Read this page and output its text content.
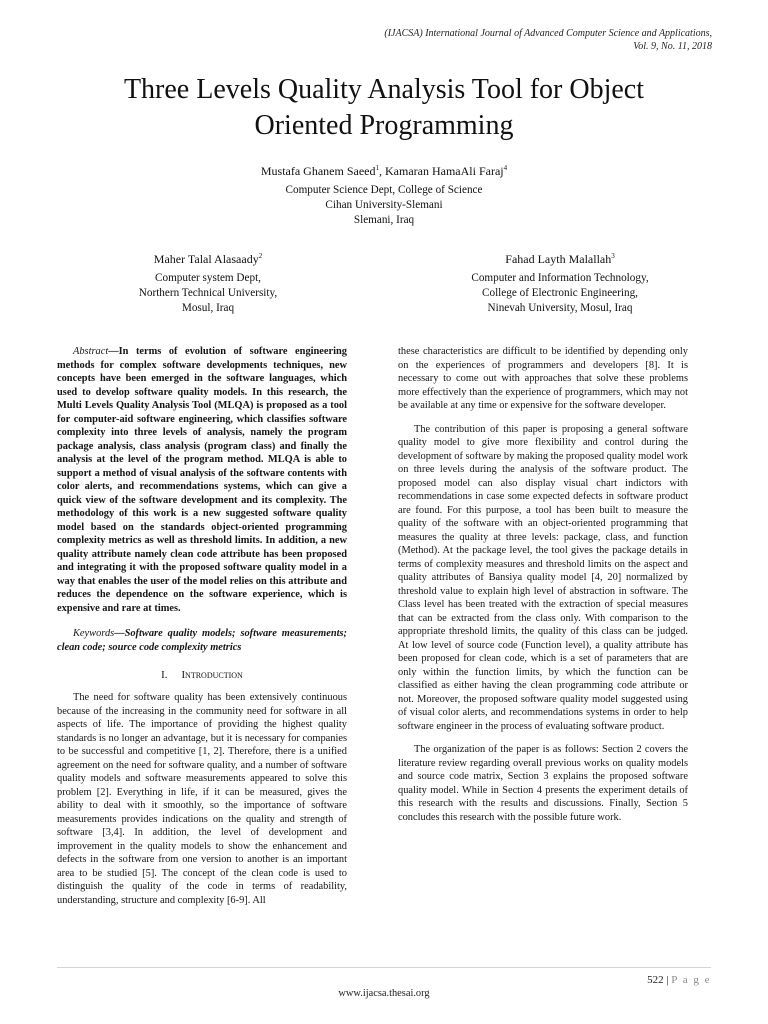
(IJACSA) International Journal of Advanced Computer Science and Applications,
Vol. 9, No. 11, 2018
Three Levels Quality Analysis Tool for Object
Oriented Programming
Mustafa Ghanem Saeed$^1$, Kamaran HamaAli Faraj$^4$
Computer Science Dept, College of Science
Cihan University-Slemani
Slemani, Iraq
Maher Talal Alasaady$^2$
Computer system Dept,
Northern Technical University,
Mosul, Iraq
Fahad Layth Malallah$^3$
Computer and Information Technology,
College of Electronic Engineering,
Ninevah University, Mosul, Iraq

Abstract—In terms of evolution of software engineering methods for complex software developments techniques, new concepts have been emerged in the software languages, which used to develop software quality models. In this research, the Multi Levels Quality Analysis Tool (MLQA) is proposed as a tool for computer-aid software engineering, which classifies software complexity into three levels of analysis, namely the program package analysis, class analysis (program class) and finally the analysis at the level of the program method. MLQA is able to support a method of visual analysis of the software contents with color alerts, and recommendations systems, which can give a quick view of the software development and its complexity. The methodology of this work is a new suggested software quality model based on the standards object-oriented programming complexity metrics as well as threshold limits. In addition, a new quality attribute namely clean code attribute has been proposed and integrating it with the proposed software quality model in a way that enables the user of the model relies on this attribute and reduces the dependence on the software experience, which is expensive and rare at times.

Keywords—Software quality models; software measurements; clean code; source code complexity metrics

I. Introduction

The need for software quality has been extensively continuous because of the increasing in the community need for software in all aspects of life. The importance of providing the highest quality standards is no longer an advantage, but it is necessary for companies to be successful and competitive [1, 2]. Therefore, there is a unified agreement on the need for software quality, and a number of software quality models and software measurements appeared to solve this problem [2]. Everything in life, if it can be measured, gives the ability to deal with it smoothly, so the importance of software measurements provides indications on the quality and strength of software [3,4]. In addition, the level of development and improvement in the quality models to show the enhancement and defects in the software from one version to another is an important area to be studied [5]. The concept of the clean code is used to distinguish the quality of the code in terms of readability, understanding, structure and complexity [6-9]. All

these characteristics are difficult to be identified by depending only on the experiences of programmers and developers [8]. It is necessary to come out with approaches that solve these problems more effectively than the experience of programmers, which may not be available at any time or expensive for the software developer.

The contribution of this paper is proposing a general software quality model to give more flexibility and control during the development of software by making the proposed quality model work on three levels during the analysis of the software product. The proposed model can also display visual chart indictors with recommendations in case some expected defects in software product are found. For this purpose, a tool has been built to measure the quality of the software with an object-oriented programming that measures the quality at three levels: package, class, and function (Method). At the package level, the tool gives the package details in terms of complexity measures and threshold limits on the aspect and quality attributes of Bansiya quality model [4, 20] normalized by threshold value to explain high level of abstraction in software. The Class level has been treated with the extraction of special measures that can be extracted from the class only. With comparison to the appropriate threshold limits, the quality of this class can be judged. At low level of source code (Function level), a quality attribute has been proposed for clean code, which is a set of parameters that are only within the function limits, by which the function can be classified as either having the clean programming code attribute or not. Moreover, the proposed software quality model suggested using of visual color alerts, and recommendations systems in order to help software engineer in the process of evaluating software product.

The organization of the paper is as follows: Section 2 covers the literature review regarding overall previous works on quality models and source code matrix, Section 3 explains the proposed software quality model. While in Section 4 presents the experiment details of this research with the results and discussions. Finally, Section 5 concludes this research with the possible future work.

522 | P a g e
www.ijacsa.thesai.org
